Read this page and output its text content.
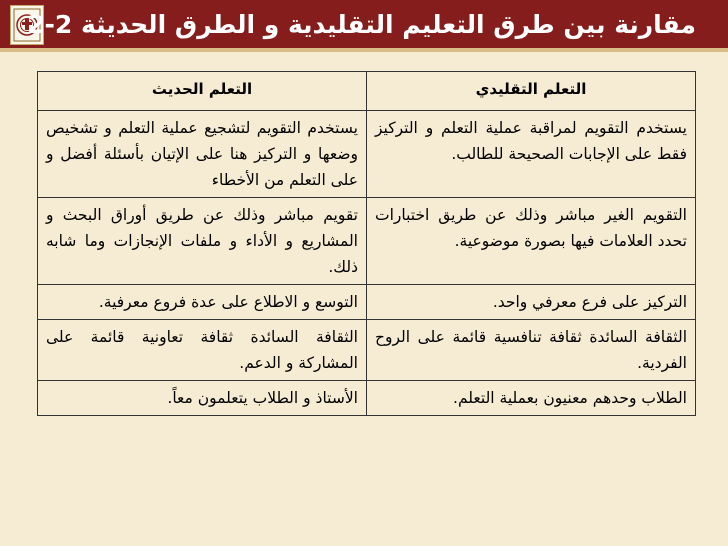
مقارنة بين طرق التعليم التقليدية و الطرق الحديثة 2-2
التعلم التقليدي	التعلم الحديث
يستخدم التقويم لمراقبة عملية التعلم و التركيز فقط على الإجابات الصحيحة للطالب.	يستخدم التقويم لتشجيع عملية التعلم و تشخيص وضعها و التركيز هنا على الإتيان بأسئلة أفضل و على التعلم من الأخطاء
التقويم الغير مباشر وذلك عن طريق اختبارات تحدد العلامات فيها بصورة موضوعية.	تقويم مباشر وذلك عن طريق أوراق البحث و المشاريع و الأداء و ملفات الإنجازات وما شابه ذلك.
التركيز على فرع معرفي واحد.	التوسع و الاطلاع على عدة فروع معرفية.
الثقافة السائدة ثقافة تنافسية قائمة على الروح الفردية.	الثقافة السائدة ثقافة تعاونية قائمة على المشاركة و الدعم.
الطلاب وحدهم معنيون بعملية التعلم.	الأستاذ و الطلاب يتعلمون معاً.
